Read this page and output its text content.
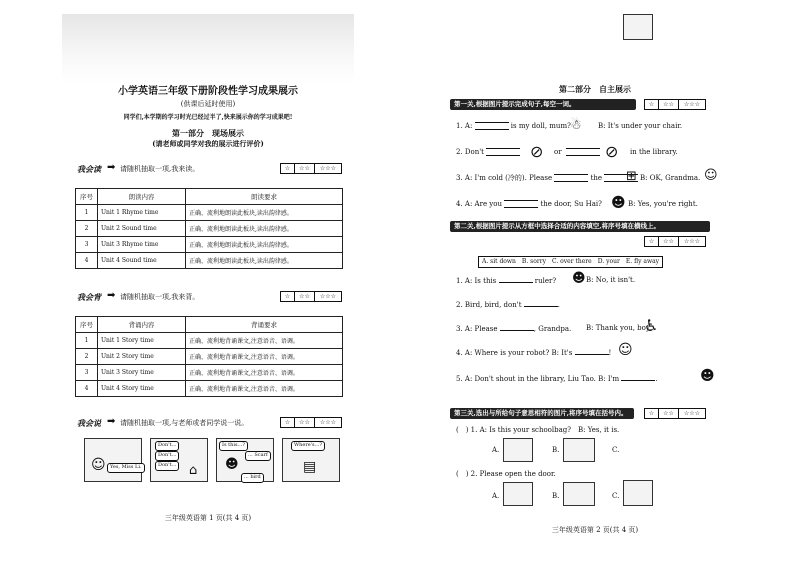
小学英语三年级下册阶段性学习成果展示
(供课后延时使用)
同学们,本学期的学习时光已经过半了,快来展示你的学习成果吧!
第一部分　现场展示
(请老师或同学对我的展示进行评价)
我会读 ➡ 请随机抽取一项,我来读。	☆	☆☆	☆☆☆
序号	朗读内容	朗读要求
1	Unit 1 Rhyme time	正确、流利地朗读此板块,读出韵律感。
2	Unit 2 Sound time	正确、流利地朗读此板块,读出韵律感。
3	Unit 3 Rhyme time	正确、流利地朗读此板块,读出韵律感。
4	Unit 4 Sound time	正确、流利地朗读此板块,读出韵律感。
我会背 ➡ 请随机抽取一项,我来背。	☆	☆☆	☆☆☆
序号	背诵内容	背诵要求
1	Unit 1 Story time	正确、流利地背诵课文,注意语音、语调。
2	Unit 2 Story time	正确、流利地背诵课文,注意语音、语调。
3	Unit 3 Story time	正确、流利地背诵课文,注意语音、语调。
4	Unit 4 Story time	正确、流利地背诵课文,注意语音、语调。
我会说 ➡ 请随机抽取一项,与老师或者同学说一说。	☆	☆☆	☆☆☆
Yes, Miss Li.
☺
Don't...
Don't...
Don't... ⌂
Is this...?
... Scarf
... bird
☻
Where's...?
▤
三年级英语第 1 页(共 4 页)
第二部分　自主展示
第一关,根据图片提示完成句子,每空一词。	☆	☆☆	☆☆☆
1. A:	is my doll, mum? ☃ B: It's under your chair.
2. Don't	⊘ or	⊘ in the library.
3. A: I'm cold (冷的). Please	the	⊞ B: OK, Grandma. ☺
4. A: Are you	the door, Su Hai? ☻ B: Yes, you're right.
第二关,根据图片提示从方框中选择合适的内容填空,将序号填在横线上。
☆	☆☆	☆☆☆
A. sit down　B. sorry　C. over there　D. your　E. fly away
1. A: Is this	ruler? ☻ B: No, it isn't.
2. Bird, bird, don't	.
3. A: Please	, Grandpa. B: Thank you, boy.
♿
4. A: Where is your robot? B: It's	! ☺
5. A: Don't shout in the library, Liu Tao. B: I'm	.	☻
第三关,选出与所给句子意思相符的图片,将序号填在括号内。	☆	☆☆	☆☆☆
(　) 1. A: Is this your schoolbag?　B: Yes, it is.
A.	B.	C.
(　) 2. Please open the door.
A.	B.	C.
三年级英语第 2 页(共 4 页)
